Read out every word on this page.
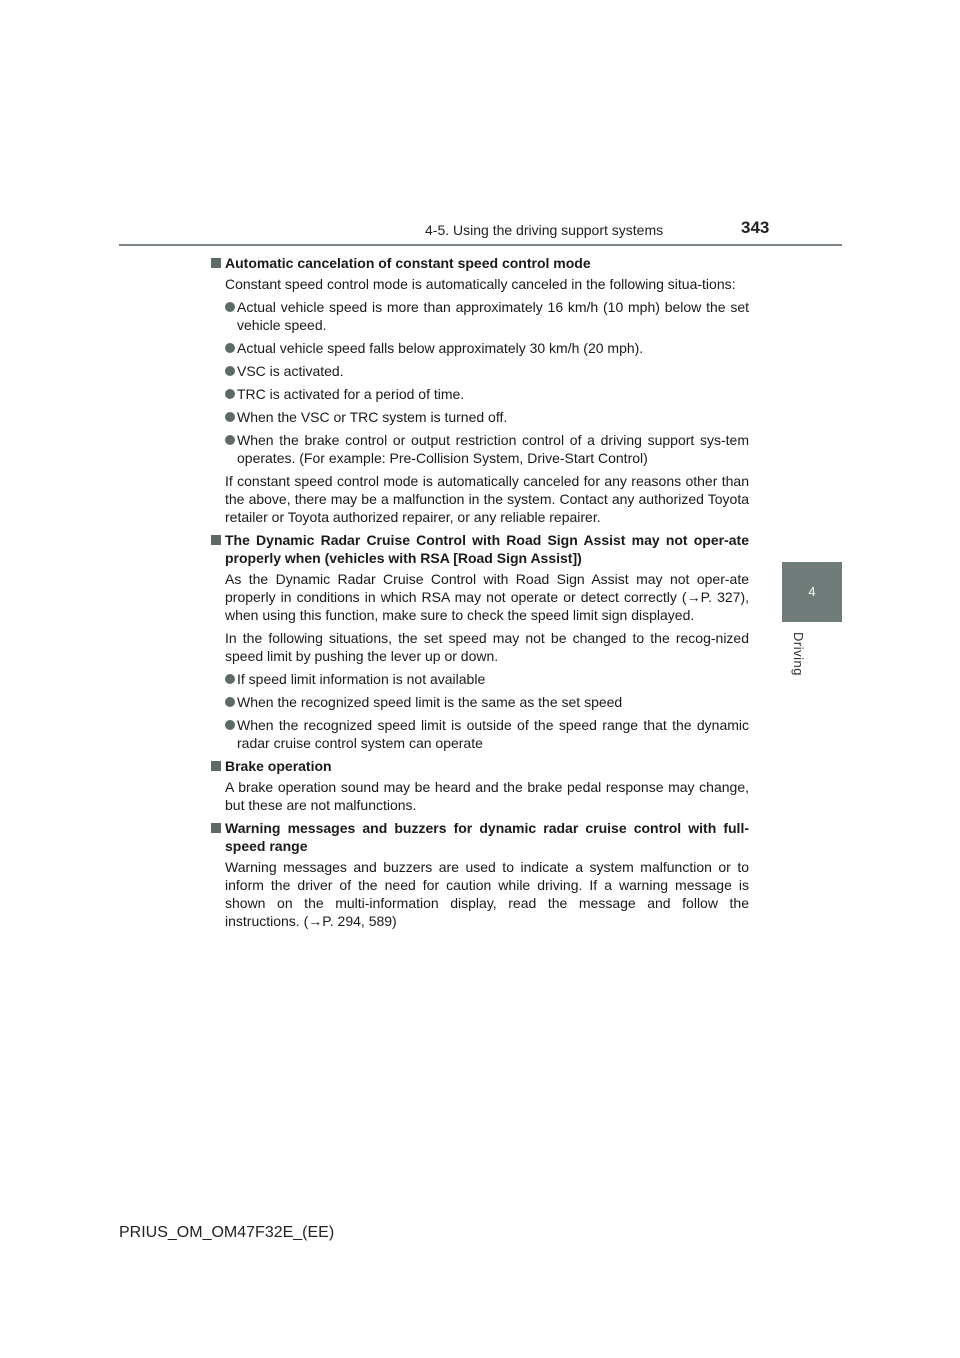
4-5. Using the driving support systems	343
4
Driving
Automatic cancelation of constant speed control mode

Constant speed control mode is automatically canceled in the following situa-tions:

Actual vehicle speed is more than approximately 16 km/h (10 mph) below the set vehicle speed.
Actual vehicle speed falls below approximately 30 km/h (20 mph).
VSC is activated.
TRC is activated for a period of time.
When the VSC or TRC system is turned off.
When the brake control or output restriction control of a driving support sys-tem operates. (For example: Pre-Collision System, Drive-Start Control)

If constant speed control mode is automatically canceled for any reasons other than the above, there may be a malfunction in the system. Contact any authorized Toyota retailer or Toyota authorized repairer, or any reliable repairer.

The Dynamic Radar Cruise Control with Road Sign Assist may not oper-ate properly when (vehicles with RSA [Road Sign Assist])

As the Dynamic Radar Cruise Control with Road Sign Assist may not oper-ate properly in conditions in which RSA may not operate or detect correctly (→P. 327), when using this function, make sure to check the speed limit sign displayed.

In the following situations, the set speed may not be changed to the recog-nized speed limit by pushing the lever up or down.

If speed limit information is not available
When the recognized speed limit is the same as the set speed
When the recognized speed limit is outside of the speed range that the dynamic radar cruise control system can operate
Brake operation

A brake operation sound may be heard and the brake pedal response may change, but these are not malfunctions.

Warning messages and buzzers for dynamic radar cruise control with full-speed range

Warning messages and buzzers are used to indicate a system malfunction or to inform the driver of the need for caution while driving. If a warning message is shown on the multi-information display, read the message and follow the instructions. (→P. 294, 589)

PRIUS_OM_OM47F32E_(EE)
